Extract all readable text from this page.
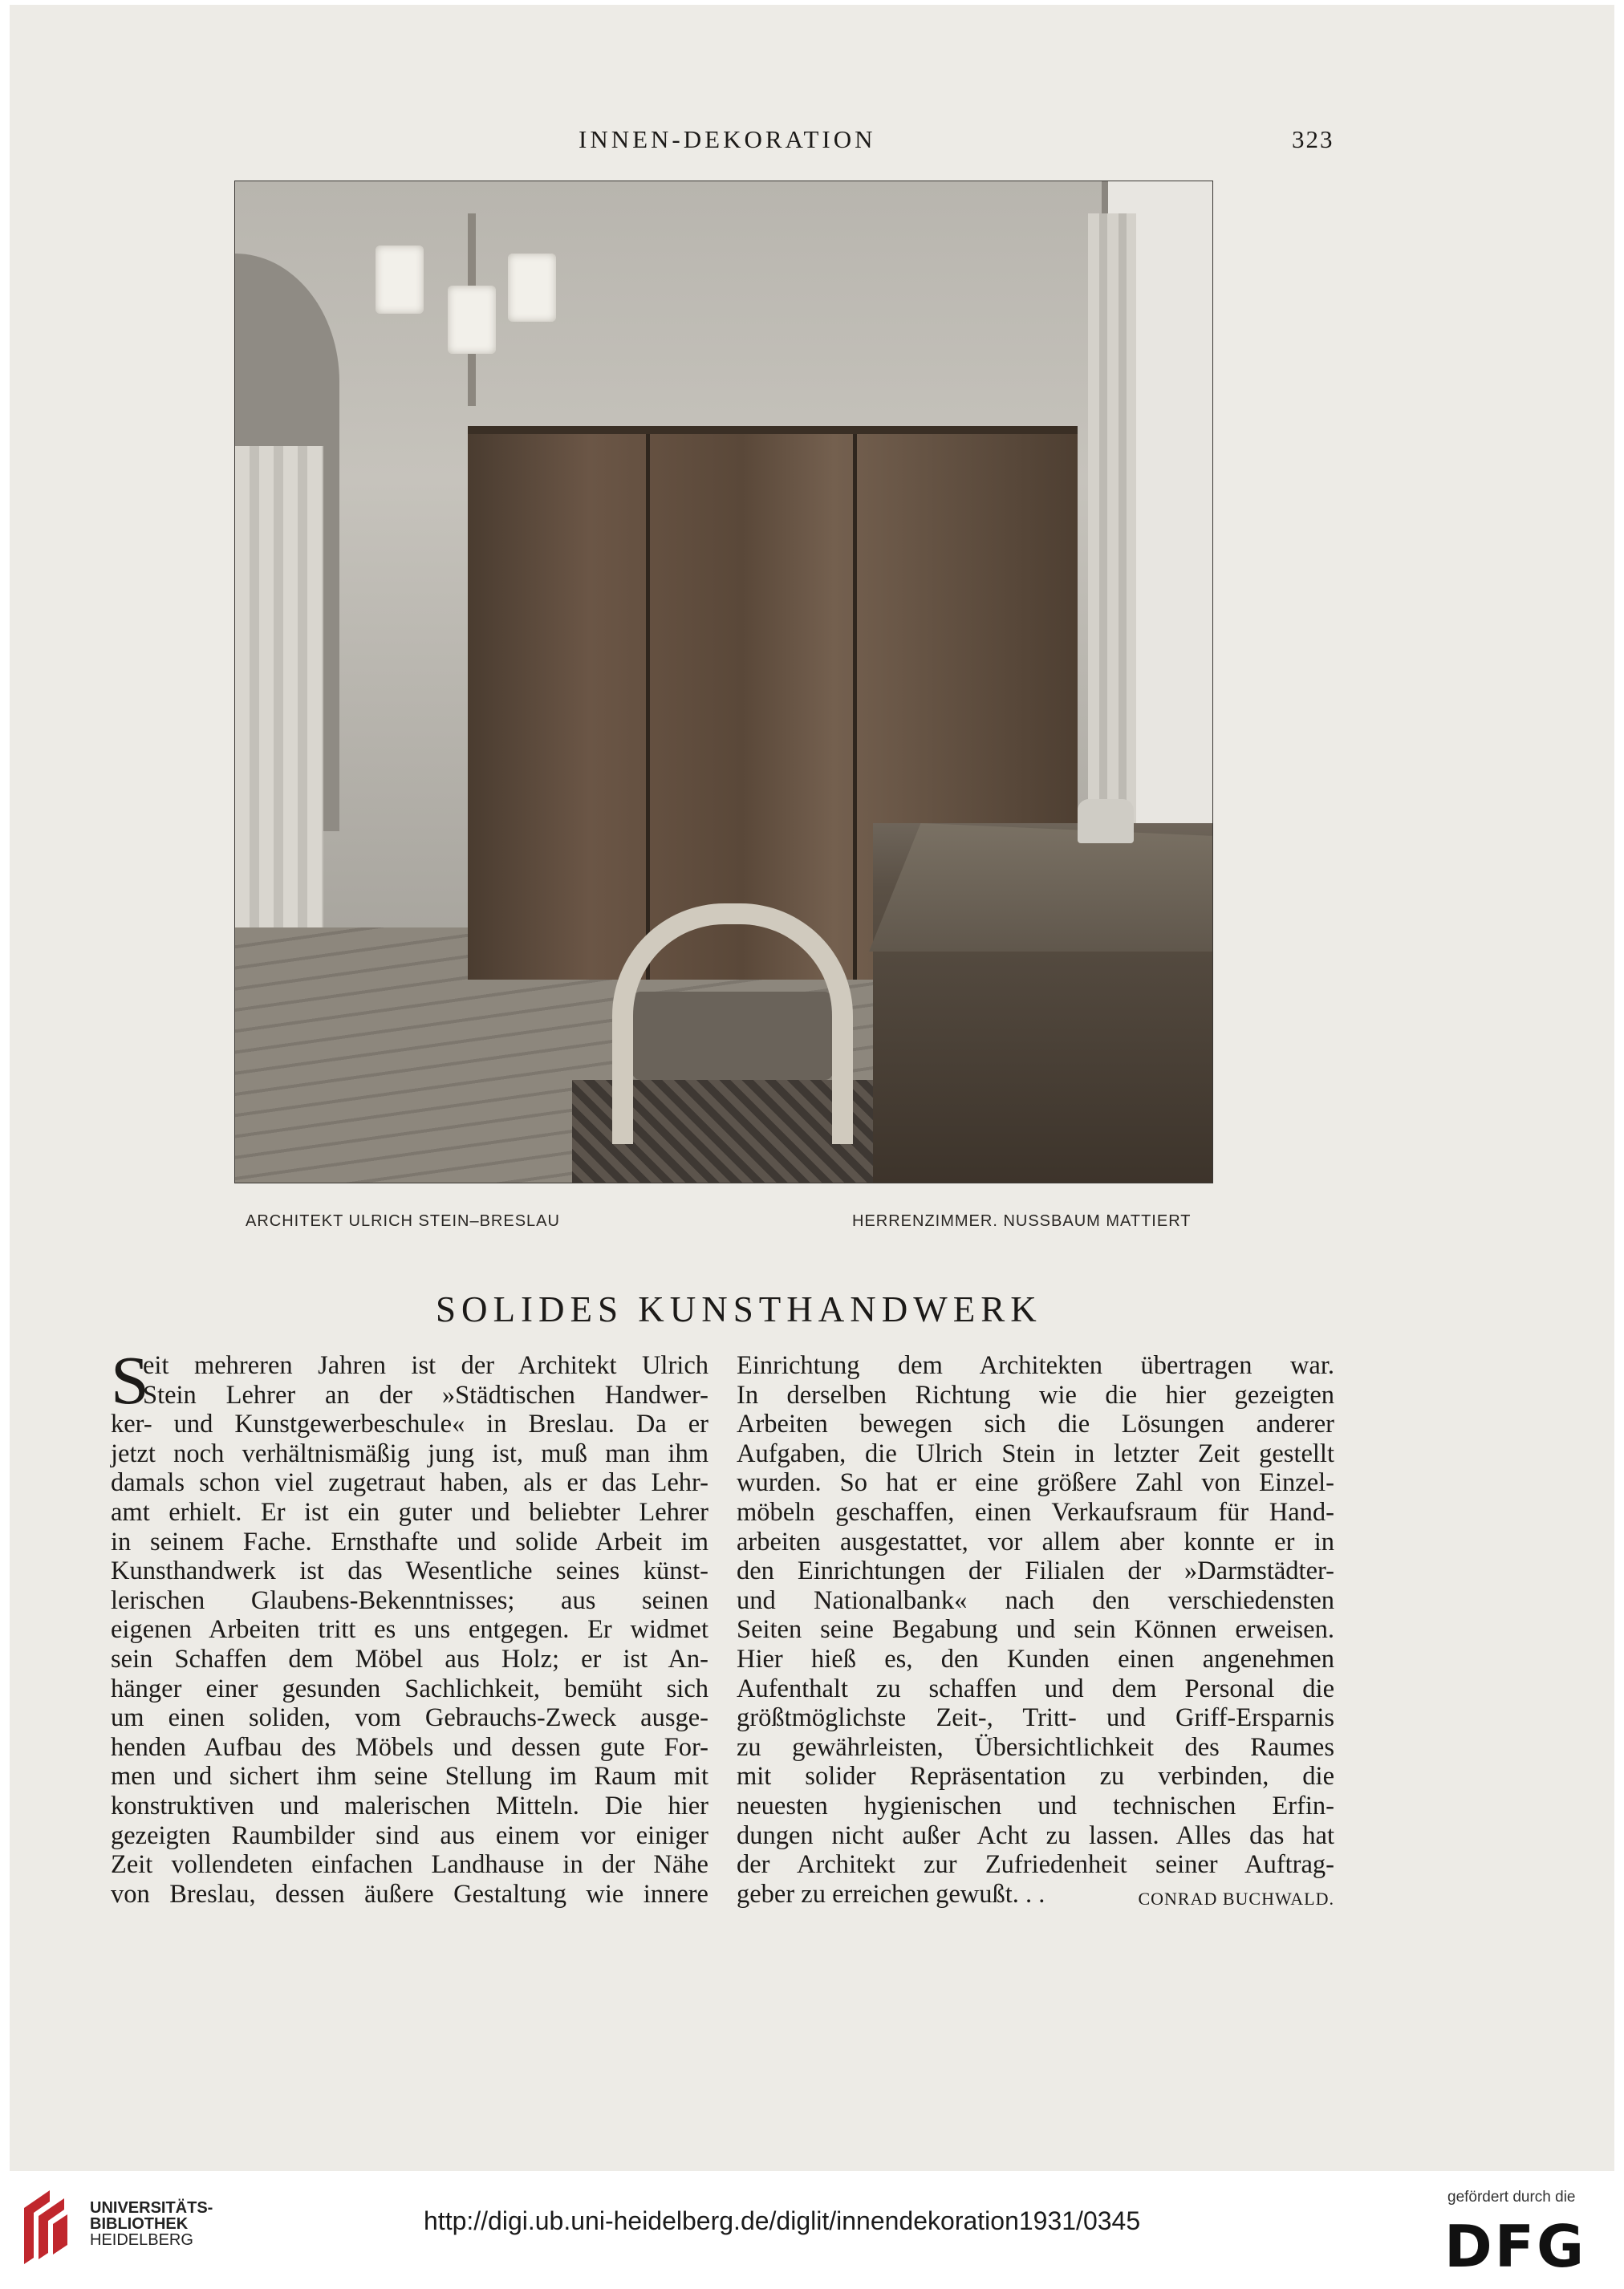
INNEN-DEKORATION	323
ARCHITEKT ULRICH STEIN–BRESLAU	HERRENZIMMER. NUSSBAUM MATTIERT
SOLIDES KUNSTHANDWERK
S
eit mehreren Jahren ist der Architekt Ulrich
Stein Lehrer an der »Städtischen Handwer-
ker- und Kunstgewerbeschule« in Breslau. Da er
jetzt noch verhältnismäßig jung ist, muß man ihm
damals schon viel zugetraut haben, als er das Lehr-
amt erhielt. Er ist ein guter und beliebter Lehrer
in seinem Fache. Ernsthafte und solide Arbeit im
Kunsthandwerk ist das Wesentliche seines künst-
lerischen Glaubens-Bekenntnisses; aus seinen
eigenen Arbeiten tritt es uns entgegen. Er widmet
sein Schaffen dem Möbel aus Holz; er ist An-
hänger einer gesunden Sachlichkeit, bemüht sich
um einen soliden, vom Gebrauchs-Zweck ausge-
henden Aufbau des Möbels und dessen gute For-
men und sichert ihm seine Stellung im Raum mit
konstruktiven und malerischen Mitteln. Die hier
gezeigten Raumbilder sind aus einem vor einiger
Zeit vollendeten einfachen Landhause in der Nähe
von Breslau, dessen äußere Gestaltung wie innere
Einrichtung dem Architekten übertragen war.
In derselben Richtung wie die hier gezeigten
Arbeiten bewegen sich die Lösungen anderer
Aufgaben, die Ulrich Stein in letzter Zeit gestellt
wurden. So hat er eine größere Zahl von Einzel-
möbeln geschaffen, einen Verkaufsraum für Hand-
arbeiten ausgestattet, vor allem aber konnte er in
den Einrichtungen der Filialen der »Darmstädter-
und Nationalbank« nach den verschiedensten
Seiten seine Begabung und sein Können erweisen.
Hier hieß es, den Kunden einen angenehmen
Aufenthalt zu schaffen und dem Personal die
größtmöglichste Zeit-, Tritt- und Griff-Ersparnis
zu gewährleisten, Übersichtlichkeit des Raumes
mit solider Repräsentation zu verbinden, die
neuesten hygienischen und technischen Erfin-
dungen nicht außer Acht zu lassen. Alles das hat
der Architekt zur Zufriedenheit seiner Auftrag-
geber zu erreichen gewußt. . .	CONRAD BUCHWALD.
UNIVERSITÄTS-
BIBLIOTHEK
HEIDELBERG
http://digi.ub.uni-heidelberg.de/diglit/innendekoration1931/0345
gefördert durch die
DFG
